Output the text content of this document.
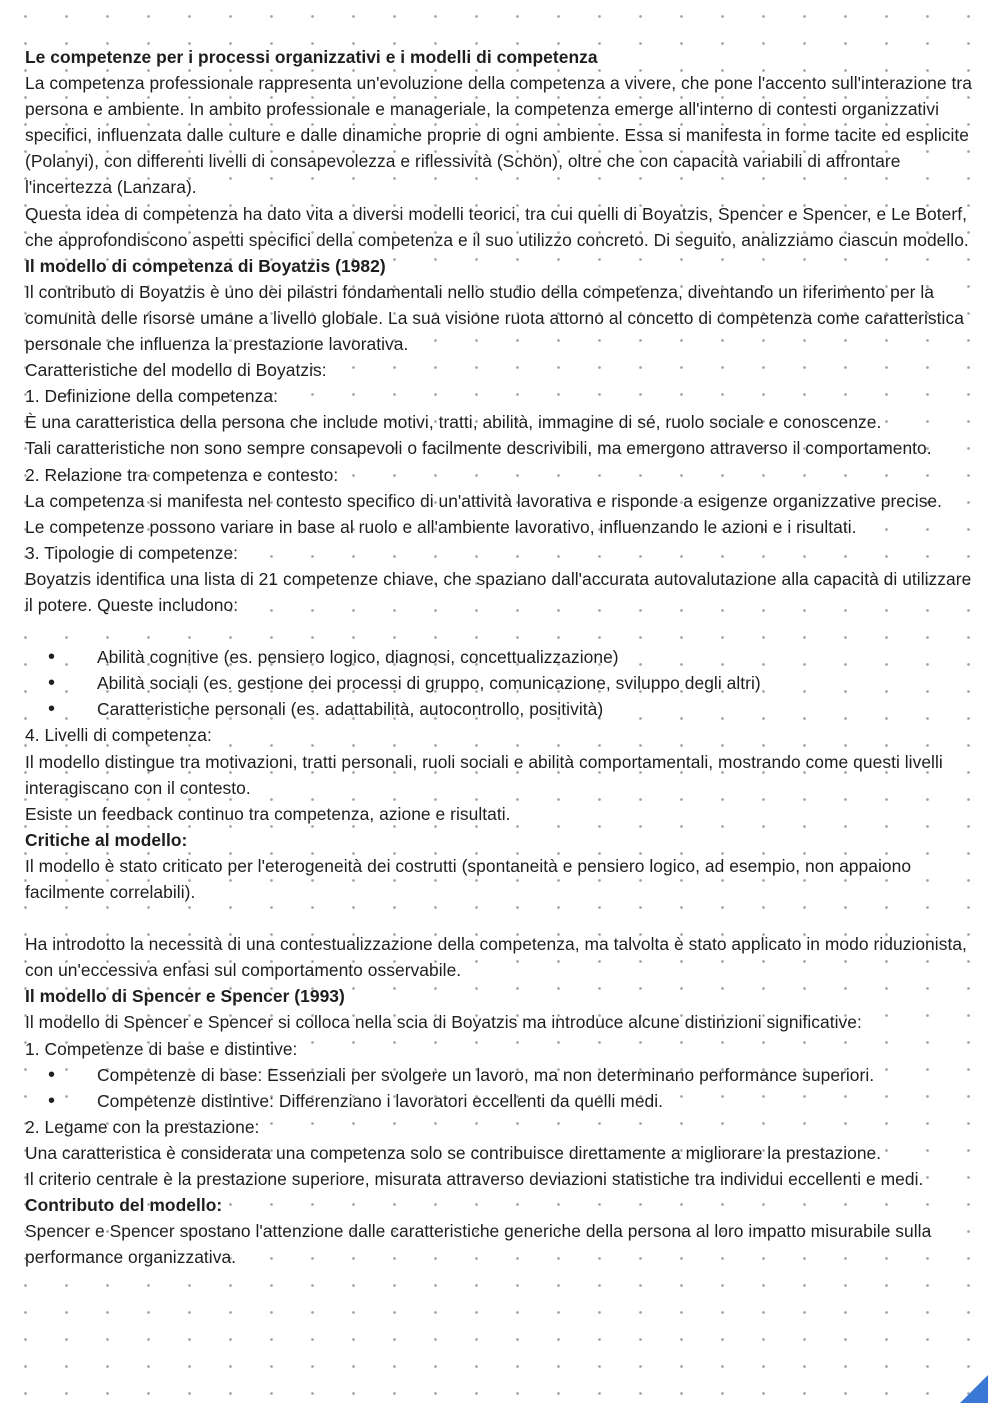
Le competenze per i processi organizzativi e i modelli di competenza

La competenza professionale rappresenta un'evoluzione della competenza a vivere, che pone l'accento sull'interazione tra persona e ambiente. In ambito professionale e manageriale, la competenza emerge all'interno di contesti organizzativi specifici, influenzata dalle culture e dalle dinamiche proprie di ogni ambiente. Essa si manifesta in forme tacite ed esplicite (Polanyi), con differenti livelli di consapevolezza e riflessività (Schön), oltre che con capacità variabili di affrontare l'incertezza (Lanzara).

Questa idea di competenza ha dato vita a diversi modelli teorici, tra cui quelli di Boyatzis, Spencer e Spencer, e Le Boterf, che approfondiscono aspetti specifici della competenza e il suo utilizzo concreto. Di seguito, analizziamo ciascun modello.

Il modello di competenza di Boyatzis (1982)

Il contributo di Boyatzis è uno dei pilastri fondamentali nello studio della competenza, diventando un riferimento per la comunità delle risorse umane a livello globale. La sua visione ruota attorno al concetto di competenza come caratteristica personale che influenza la prestazione lavorativa.

Caratteristiche del modello di Boyatzis:

1. Definizione della competenza:

È una caratteristica della persona che include motivi, tratti, abilità, immagine di sé, ruolo sociale e conoscenze.

Tali caratteristiche non sono sempre consapevoli o facilmente descrivibili, ma emergono attraverso il comportamento.

2. Relazione tra competenza e contesto:

La competenza si manifesta nel contesto specifico di un'attività lavorativa e risponde a esigenze organizzative precise.

Le competenze possono variare in base al ruolo e all'ambiente lavorativo, influenzando le azioni e i risultati.

3. Tipologie di competenze:

Boyatzis identifica una lista di 21 competenze chiave, che spaziano dall'accurata autovalutazione alla capacità di utilizzare il potere. Queste includono:

• Abilità cognitive (es. pensiero logico, diagnosi, concettualizzazione)
• Abilità sociali (es. gestione dei processi di gruppo, comunicazione, sviluppo degli altri)
• Caratteristiche personali (es. adattabilità, autocontrollo, positività)

4. Livelli di competenza:

Il modello distingue tra motivazioni, tratti personali, ruoli sociali e abilità comportamentali, mostrando come questi livelli interagiscano con il contesto.

Esiste un feedback continuo tra competenza, azione e risultati.

Critiche al modello:

Il modello è stato criticato per l'eterogeneità dei costrutti (spontaneità e pensiero logico, ad esempio, non appaiono facilmente correlabili).

Ha introdotto la necessità di una contestualizzazione della competenza, ma talvolta è stato applicato in modo riduzionista, con un'eccessiva enfasi sul comportamento osservabile.

Il modello di Spencer e Spencer (1993)

Il modello di Spencer e Spencer si colloca nella scia di Boyatzis ma introduce alcune distinzioni significative:

1. Competenze di base e distintive:

• Competenze di base: Essenziali per svolgere un lavoro, ma non determinano performance superiori.
• Competenze distintive: Differenziano i lavoratori eccellenti da quelli medi.

2. Legame con la prestazione:

Una caratteristica è considerata una competenza solo se contribuisce direttamente a migliorare la prestazione.

Il criterio centrale è la prestazione superiore, misurata attraverso deviazioni statistiche tra individui eccellenti e medi.

Contributo del modello:

Spencer e Spencer spostano l'attenzione dalle caratteristiche generiche della persona al loro impatto misurabile sulla performance organizzativa.
